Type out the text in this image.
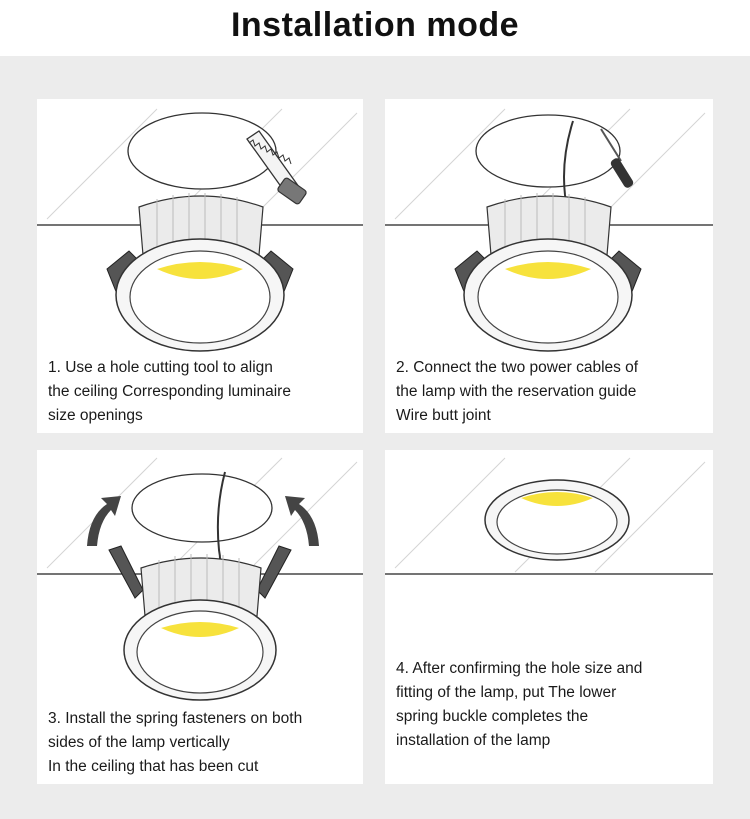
Installation mode
1. Use a hole cutting tool to align
the ceiling Corresponding luminaire
size openings
2. Connect the two power cables of
the lamp with the reservation guide
Wire butt joint
3. Install the spring fasteners on both
sides of the lamp vertically
In the ceiling that has been cut
4. After confirming the hole size and
fitting of the lamp, put The lower
spring buckle completes the
installation of the lamp
